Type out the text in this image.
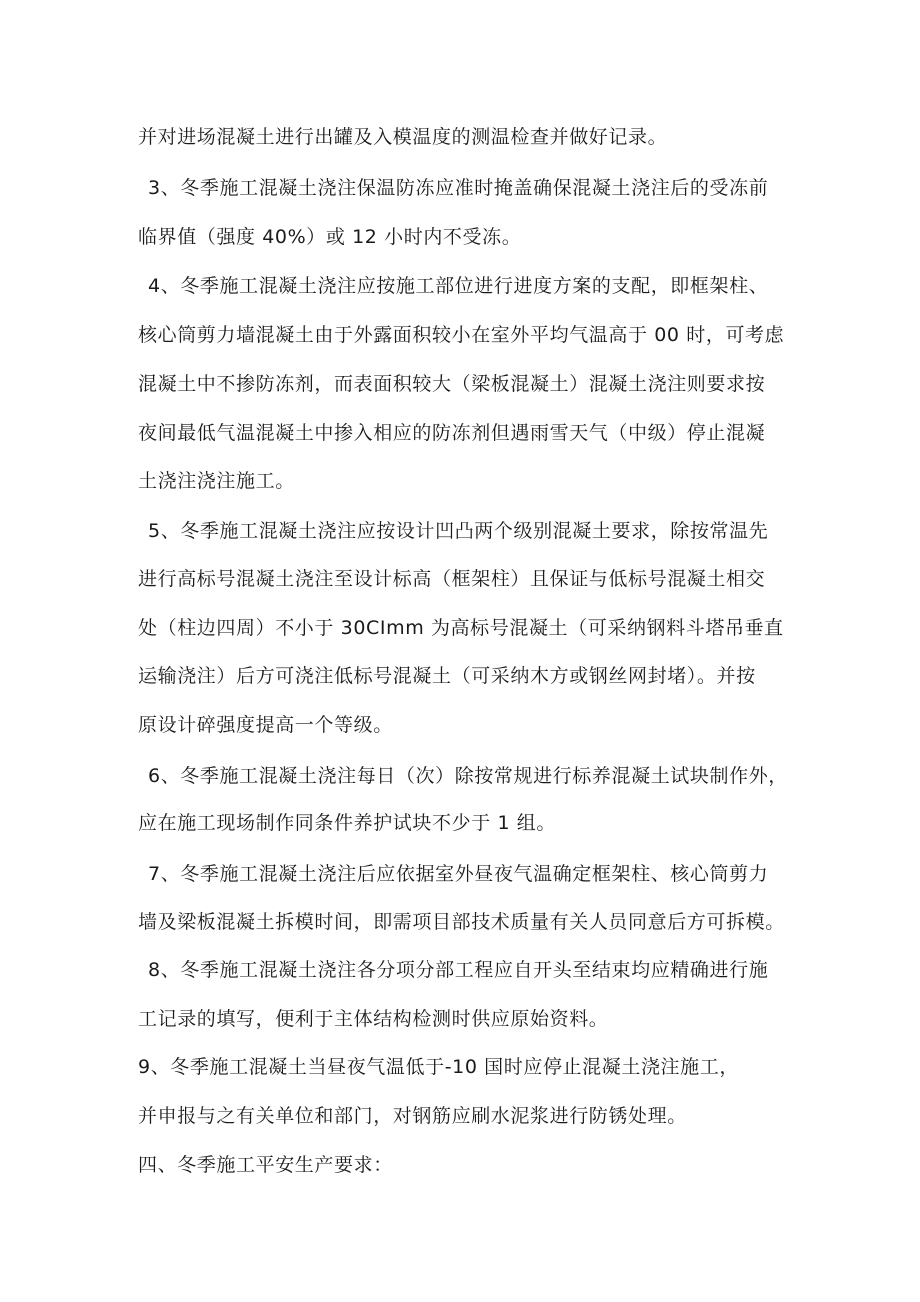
并对进场混凝土进行出罐及入模温度的测温检查并做好记录。
3、冬季施工混凝土浇注保温防冻应准时掩盖确保混凝土浇注后的受冻前
临界值（强度 40%）或 12 小时内不受冻。
4、冬季施工混凝土浇注应按施工部位进行进度方案的支配，即框架柱、
核心筒剪力墙混凝土由于外露面积较小在室外平均气温高于 00 时，可考虑
混凝土中不掺防冻剂，而表面积较大（梁板混凝土）混凝土浇注则要求按
夜间最低气温混凝土中掺入相应的防冻剂但遇雨雪天气（中级）停止混凝
土浇注浇注施工。
5、冬季施工混凝土浇注应按设计凹凸两个级别混凝土要求，除按常温先
进行高标号混凝土浇注至设计标高（框架柱）且保证与低标号混凝土相交
处（柱边四周）不小于 30CImm 为高标号混凝土（可采纳钢料斗塔吊垂直
运输浇注）后方可浇注低标号混凝土（可采纳木方或钢丝网封堵）。并按
原设计碎强度提高一个等级。
6、冬季施工混凝土浇注每日（次）除按常规进行标养混凝土试块制作外，
应在施工现场制作同条件养护试块不少于 1 组。
7、冬季施工混凝土浇注后应依据室外昼夜气温确定框架柱、核心筒剪力
墙及梁板混凝土拆模时间，即需项目部技术质量有关人员同意后方可拆模。
8、冬季施工混凝土浇注各分项分部工程应自开头至结束均应精确进行施
工记录的填写，便利于主体结构检测时供应原始资料。
9、冬季施工混凝土当昼夜气温低于-10 国时应停止混凝土浇注施工，
并申报与之有关单位和部门，对钢筋应刷水泥浆进行防锈处理。
四、冬季施工平安生产要求：
